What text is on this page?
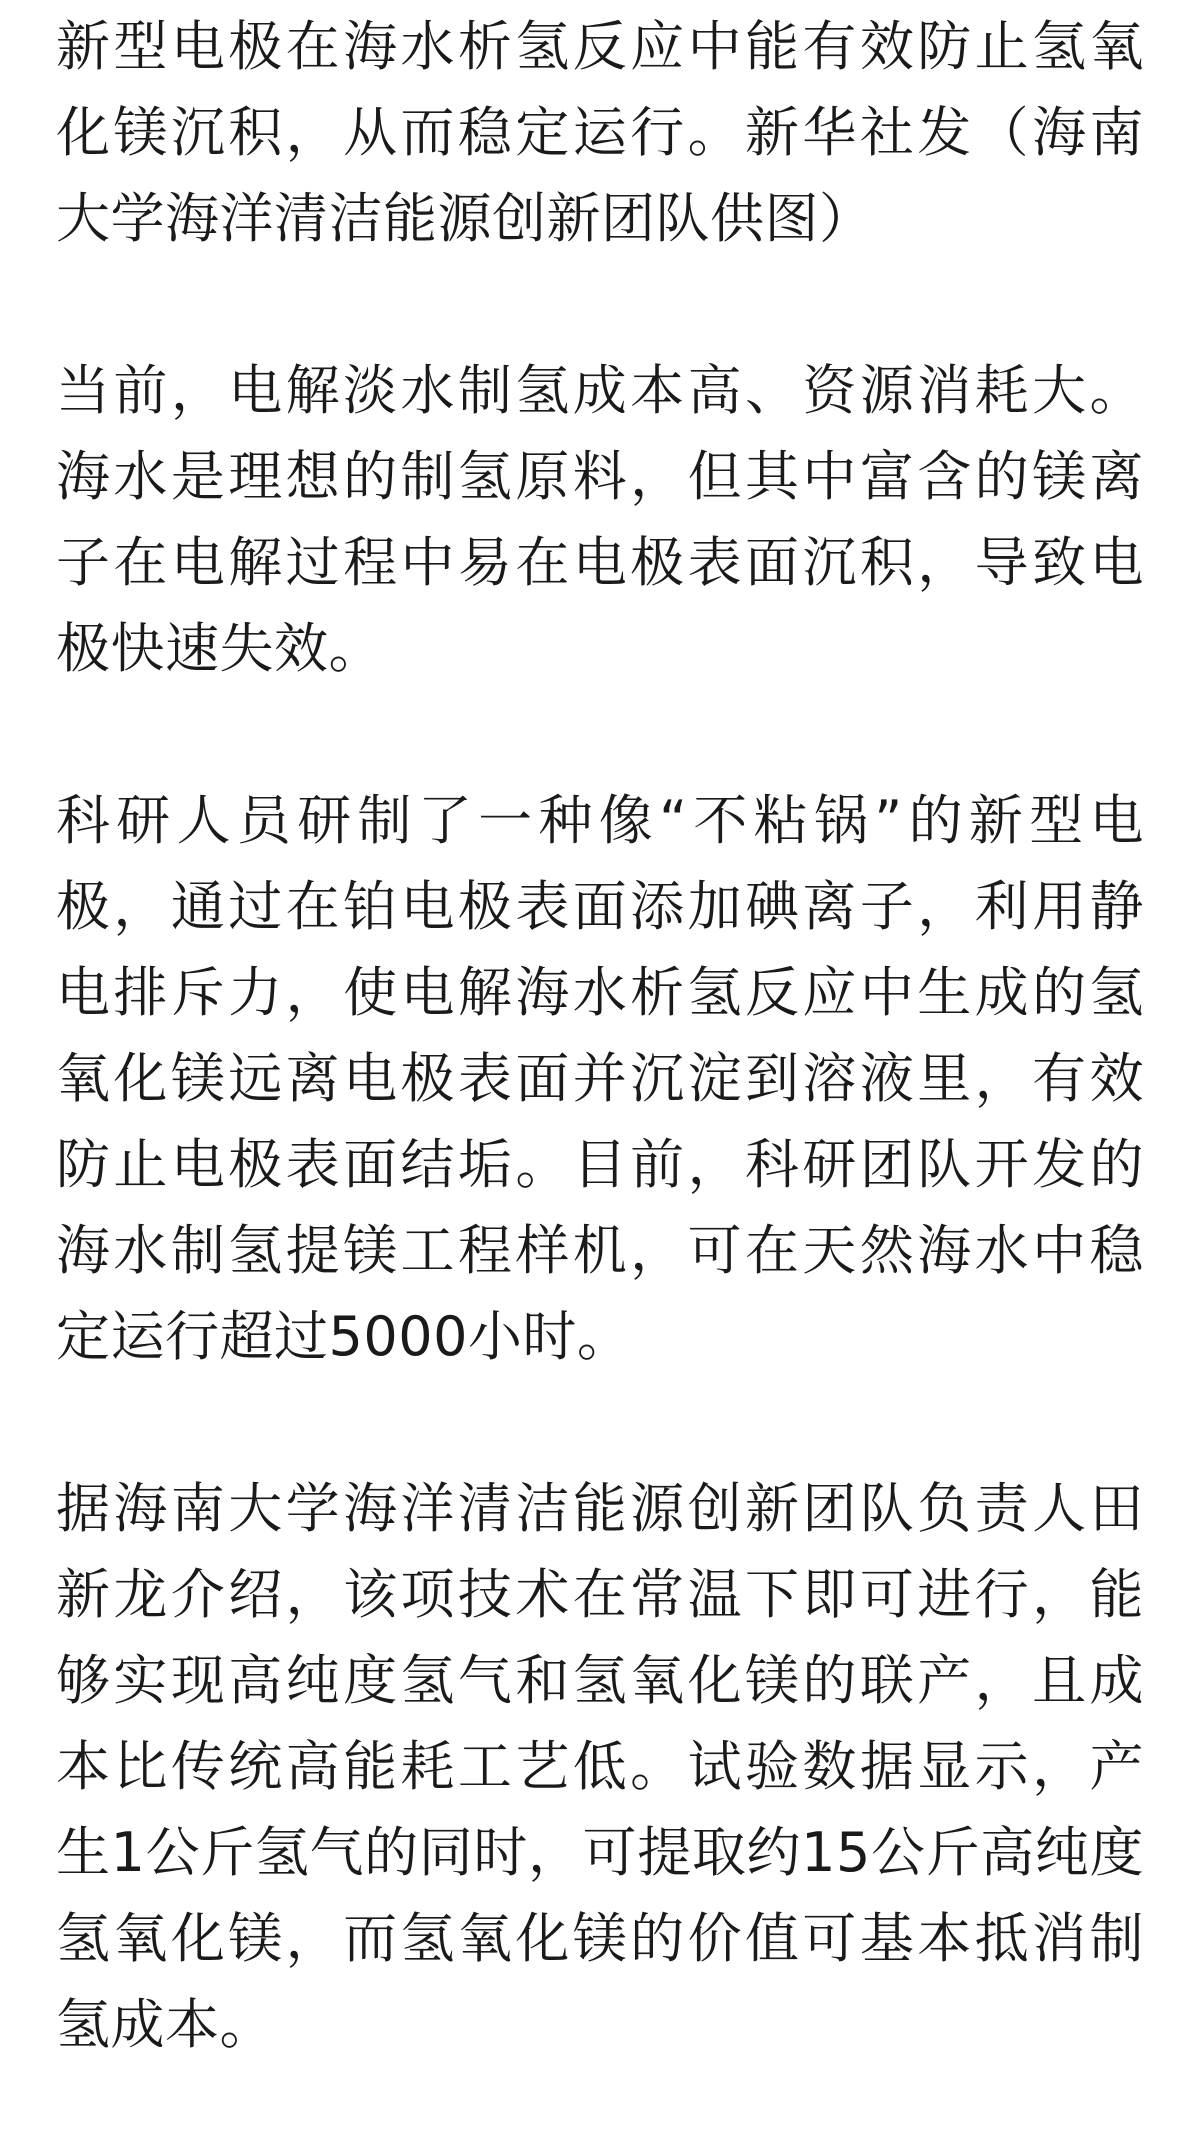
新型电极在海水析氢反应中能有效防止氢氧化镁沉积，从而稳定运行。新华社发（海南大学海洋清洁能源创新团队供图）

当前，电解淡水制氢成本高、资源消耗大。海水是理想的制氢原料，但其中富含的镁离子在电解过程中易在电极表面沉积，导致电极快速失效。

科研人员研制了一种像“不粘锅”的新型电极，通过在铂电极表面添加碘离子，利用静电排斥力，使电解海水析氢反应中生成的氢氧化镁远离电极表面并沉淀到溶液里，有效防止电极表面结垢。目前，科研团队开发的海水制氢提镁工程样机，可在天然海水中稳定运行超过5000小时。

据海南大学海洋清洁能源创新团队负责人田新龙介绍，该项技术在常温下即可进行，能够实现高纯度氢气和氢氧化镁的联产，且成本比传统高能耗工艺低。试验数据显示，产生1公斤氢气的同时，可提取约15公斤高纯度氢氧化镁，而氢氧化镁的价值可基本抵消制氢成本。
